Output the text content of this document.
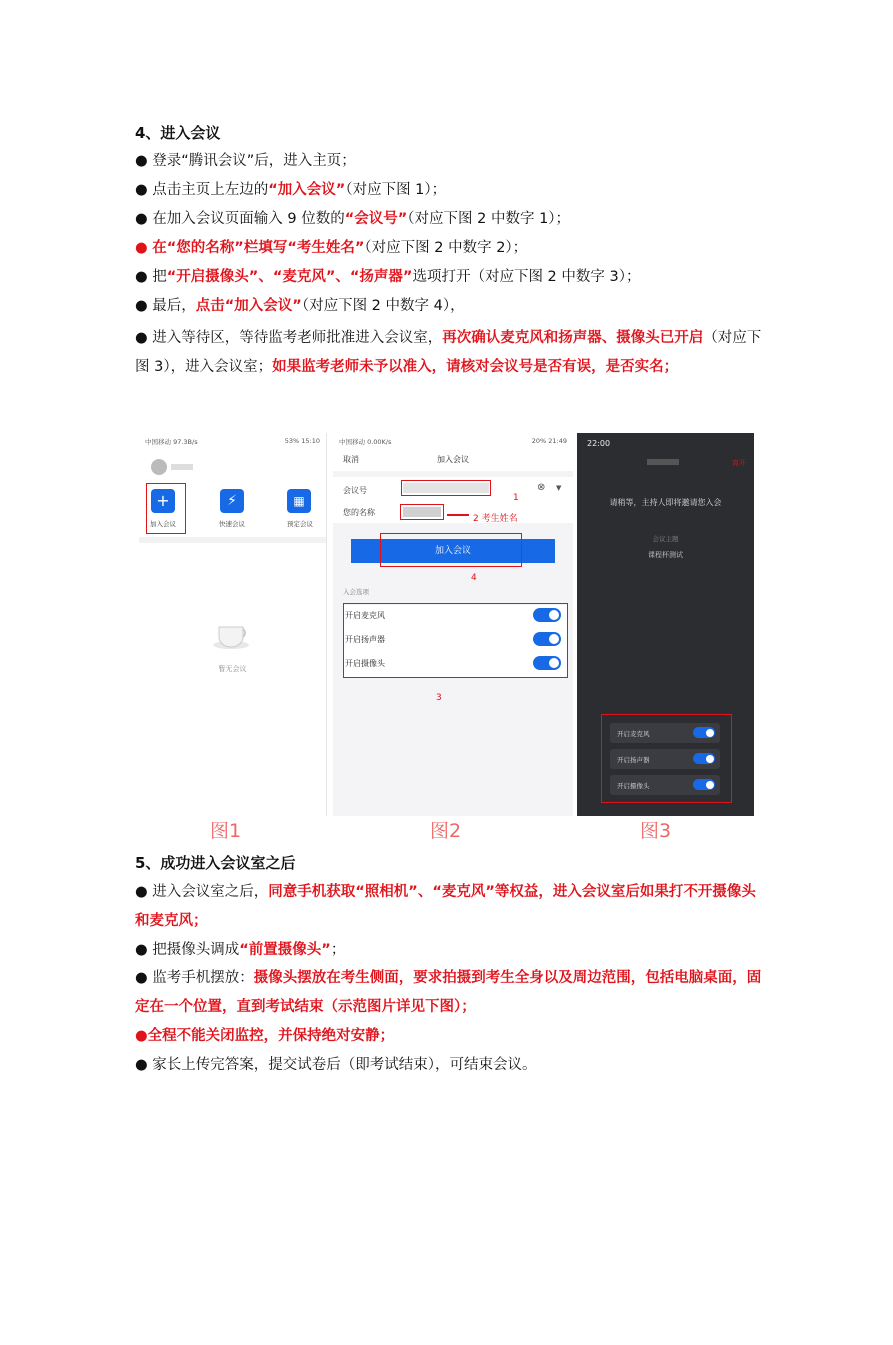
4、进入会议
● 登录“腾讯会议”后，进入主页；
● 点击主页上左边的“加入会议”（对应下图 1）；
● 在加入会议页面输入 9 位数的“会议号”（对应下图 2 中数字 1）；
● 在“您的名称”栏填写“考生姓名”（对应下图 2 中数字 2）；
● 把“开启摄像头”、“麦克风”、“扬声器”选项打开（对应下图 2 中数字 3）；
● 最后，点击“加入会议”（对应下图 2 中数字 4），
● 进入等待区，等待监考老师批准进入会议室，再次确认麦克风和扬声器、摄像头已开启（对应下图 3），进入会议室；如果监考老师未予以准入，请核对会议号是否有误，是否实名；
中国移动 97.3B/s	53% 15:10
+
加入会议
⚡
快速会议
▦
预定会议
暂无会议
中国移动 0.00K/s	20% 21:49
取消	加入会议
会议号	⊗ ▼
1
您的名称
2 考生姓名
加入会议
4
入会选项
开启麦克风
开启扬声器
开启摄像头
3
22:00
离开
请稍等，主持人即将邀请您入会
会议主题
课程杯测试
开启麦克风
开启扬声器
开启摄像头
图1	图2	图3
5、成功进入会议室之后
● 进入会议室之后，同意手机获取“照相机”、“麦克风”等权益，进入会议室后如果打不开摄像头和麦克风；
● 把摄像头调成“前置摄像头”；
● 监考手机摆放：摄像头摆放在考生侧面，要求拍摄到考生全身以及周边范围，包括电脑桌面，固定在一个位置，直到考试结束（示范图片详见下图）；
●全程不能关闭监控，并保持绝对安静；
● 家长上传完答案，提交试卷后（即考试结束），可结束会议。
